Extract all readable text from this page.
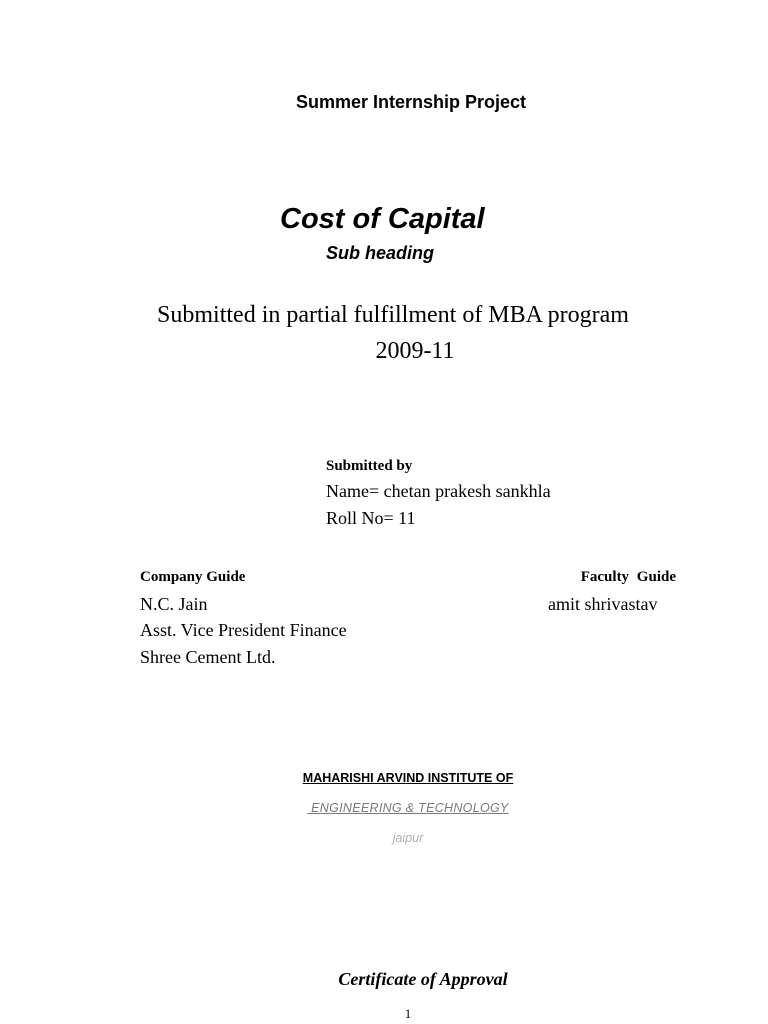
Summer Internship Project
Cost of Capital
Sub heading
Submitted in partial fulfillment of MBA program
2009-11
Submitted by
Name= chetan prakesh sankhla
Roll No= 11
Company Guide	Faculty Guide
N.C. Jain	amit shrivastav
Asst. Vice President Finance
Shree Cement Ltd.
MAHARISHI ARVIND INSTITUTE OF
ENGINEERING & TECHNOLOGY
jaipur
Certificate of Approval
1
